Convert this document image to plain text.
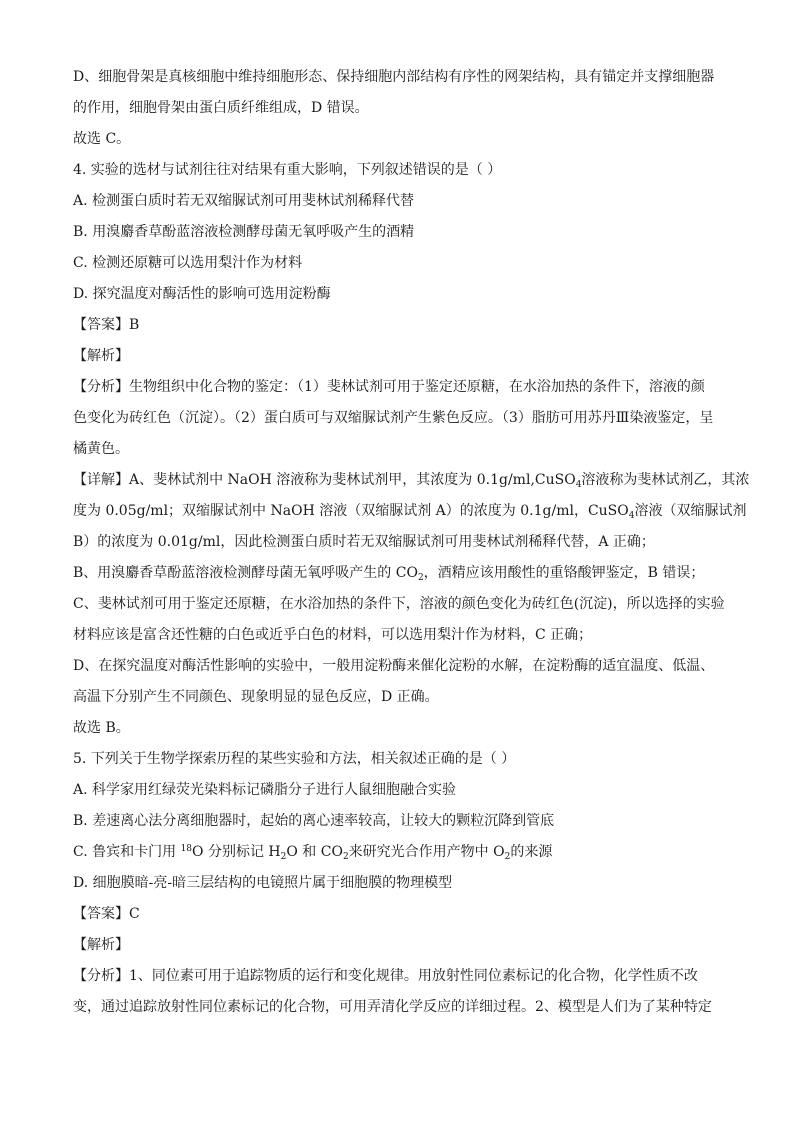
D、细胞骨架是真核细胞中维持细胞形态、保持细胞内部结构有序性的网架结构，具有锚定并支撑细胞器
的作用，细胞骨架由蛋白质纤维组成，D 错误。
故选 C。
4. 实验的选材与试剂往往对结果有重大影响，下列叙述错误的是（ ）
A. 检测蛋白质时若无双缩脲试剂可用斐林试剂稀释代替
B. 用溴麝香草酚蓝溶液检测酵母菌无氧呼吸产生的酒精
C. 检测还原糖可以选用梨汁作为材料
D. 探究温度对酶活性的影响可选用淀粉酶
【答案】B
【解析】
【分析】生物组织中化合物的鉴定：（1）斐林试剂可用于鉴定还原糖，在水浴加热的条件下，溶液的颜
色变化为砖红色（沉淀）。（2）蛋白质可与双缩脲试剂产生紫色反应。（3）脂肪可用苏丹Ⅲ染液鉴定，呈
橘黄色。
【详解】A、斐林试剂中 NaOH 溶液称为斐林试剂甲，其浓度为 0.1g/ml,CuSO$_4$溶液称为斐林试剂乙，其浓
度为 0.05g/ml；双缩脲试剂中 NaOH 溶液（双缩脲试剂 A）的浓度为 0.1g/ml，CuSO$_4$溶液（双缩脲试剂
B）的浓度为 0.01g/ml，因此检测蛋白质时若无双缩脲试剂可用斐林试剂稀释代替，A 正确；
B、用溴麝香草酚蓝溶液检测酵母菌无氧呼吸产生的 $CO_2$，酒精应该用酸性的重铬酸钾鉴定，B 错误；
C、斐林试剂可用于鉴定还原糖，在水浴加热的条件下，溶液的颜色变化为砖红色(沉淀)，所以选择的实验
材料应该是富含还性糖的白色或近乎白色的材料，可以选用梨汁作为材料，C 正确；
D、在探究温度对酶活性影响的实验中，一般用淀粉酶来催化淀粉的水解，在淀粉酶的适宜温度、低温、
高温下分别产生不同颜色、现象明显的显色反应，D 正确。
故选 B。
5. 下列关于生物学探索历程的某些实验和方法，相关叙述正确的是（ ）
A. 科学家用红绿荧光染料标记磷脂分子进行人鼠细胞融合实验
B. 差速离心法分离细胞器时，起始的离心速率较高，让较大的颗粒沉降到管底
C. 鲁宾和卡门用 $^{18}$O 分别标记 $H_2O$ 和 $CO_2$来研究光合作用产物中 $O_2$的来源
D. 细胞膜暗-亮-暗三层结构的电镜照片属于细胞膜的物理模型
【答案】C
【解析】
【分析】1、同位素可用于追踪物质的运行和变化规律。用放射性同位素标记的化合物，化学性质不改
变，通过追踪放射性同位素标记的化合物，可用弄清化学反应的详细过程。2、模型是人们为了某种特定
